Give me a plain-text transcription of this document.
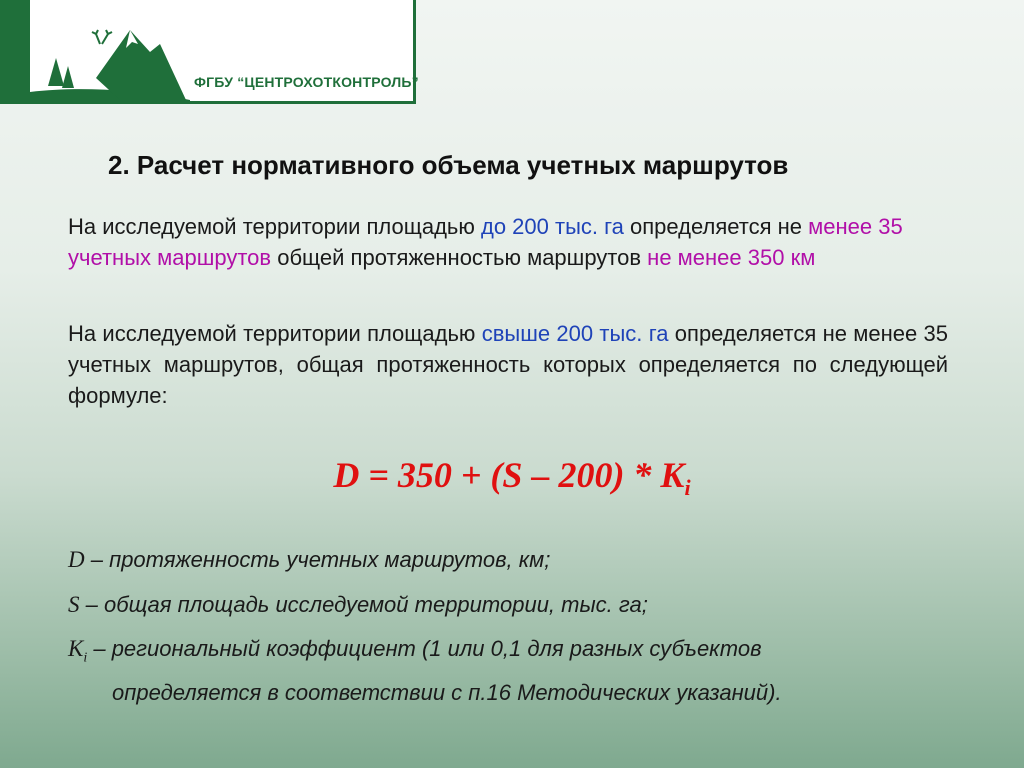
ФГБУ “ЦЕНТРОХОТКОНТРОЛЬ”
2. Расчет нормативного объема учетных маршрутов
На исследуемой территории площадью до 200 тыс. га определяется не менее 35 учетных маршрутов общей протяженностью маршрутов не менее 350 км
На исследуемой территории площадью свыше 200 тыс. га определяется не менее 35 учетных маршрутов, общая протяженность которых определяется по следующей формуле:
$D = 350 + (S - 200) * K_i$
D – протяженность учетных маршрутов, км;
S – общая площадь исследуемой территории, тыс. га;
$K_i$ – региональный коэффициент (1 или 0,1 для разных субъектов
определяется в соответствии с п.16 Методических указаний).
